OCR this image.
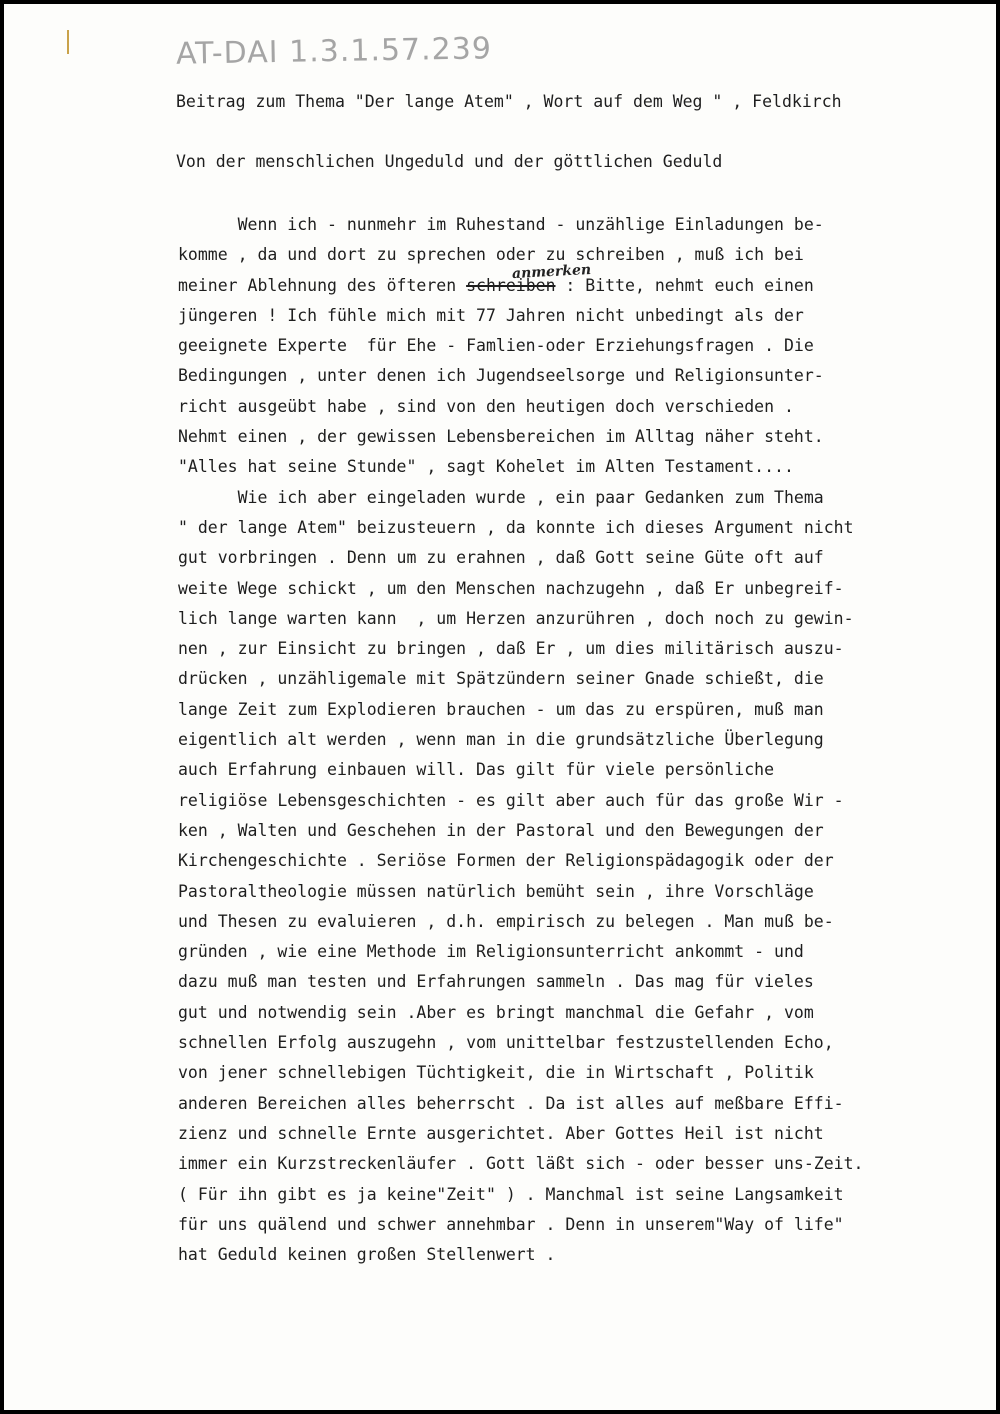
AT-DAI 1.3.1.57.239
Beitrag zum Thema "Der lange Atem" , Wort auf dem Weg " , Feldkirch
Von der menschlichen Ungeduld und der göttlichen Geduld
Wenn ich - nunmehr im Ruhestand - unzählige Einladungen be-
komme , da und dort zu sprechen oder zu schreiben , muß ich bei
meiner Ablehnung des öfteren schreiben : Bitte, nehmt euch einen
anmerken
jüngeren ! Ich fühle mich mit 77 Jahren nicht unbedingt als der
geeignete Experte  für Ehe - Famlien-oder Erziehungsfragen . Die
Bedingungen , unter denen ich Jugendseelsorge und Religionsunter-
richt ausgeübt habe , sind von den heutigen doch verschieden .
Nehmt einen , der gewissen Lebensbereichen im Alltag näher steht.
"Alles hat seine Stunde" , sagt Kohelet im Alten Testament....
Wie ich aber eingeladen wurde , ein paar Gedanken zum Thema
" der lange Atem" beizusteuern , da konnte ich dieses Argument nicht
gut vorbringen . Denn um zu erahnen , daß Gott seine Güte oft auf
weite Wege schickt , um den Menschen nachzugehn , daß Er unbegreif-
lich lange warten kann  , um Herzen anzurühren , doch noch zu gewin-
nen , zur Einsicht zu bringen , daß Er , um dies militärisch auszu-
drücken , unzähligemale mit Spätzündern seiner Gnade schießt, die
lange Zeit zum Explodieren brauchen - um das zu erspüren, muß man
eigentlich alt werden , wenn man in die grundsätzliche Überlegung
auch Erfahrung einbauen will. Das gilt für viele persönliche
religiöse Lebensgeschichten - es gilt aber auch für das große Wir -
ken , Walten und Geschehen in der Pastoral und den Bewegungen der
Kirchengeschichte . Seriöse Formen der Religionspädagogik oder der
Pastoraltheologie müssen natürlich bemüht sein , ihre Vorschläge
und Thesen zu evaluieren , d.h. empirisch zu belegen . Man muß be-
gründen , wie eine Methode im Religionsunterricht ankommt - und
dazu muß man testen und Erfahrungen sammeln . Das mag für vieles
gut und notwendig sein .Aber es bringt manchmal die Gefahr , vom
schnellen Erfolg auszugehn , vom unittelbar festzustellenden Echo,
von jener schnellebigen Tüchtigkeit, die in Wirtschaft , Politik
anderen Bereichen alles beherrscht . Da ist alles auf meßbare Effi-
zienz und schnelle Ernte ausgerichtet. Aber Gottes Heil ist nicht
immer ein Kurzstreckenläufer . Gott läßt sich - oder besser uns-Zeit.
( Für ihn gibt es ja keine"Zeit" ) . Manchmal ist seine Langsamkeit
für uns quälend und schwer annehmbar . Denn in unserem"Way of life"
hat Geduld keinen großen Stellenwert .
